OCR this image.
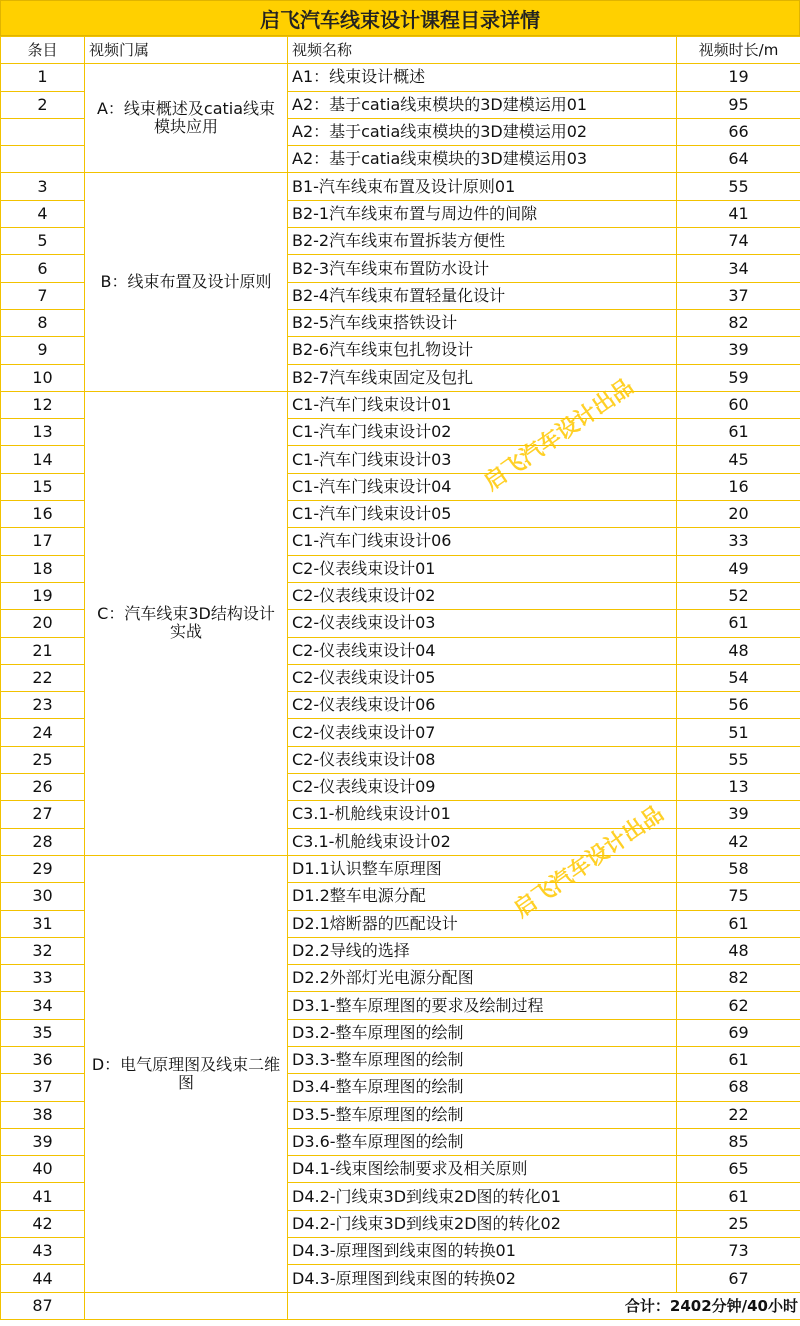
启飞汽车线束设计课程目录详情
条目	视频门属	视频名称	视频时长/m
1	A：线束概述及catia线束模块应用	A1：线束设计概述	19
2		A2：基于catia线束模块的3D建模运用01	95
		A2：基于catia线束模块的3D建模运用02	66
		A2：基于catia线束模块的3D建模运用03	64
3	B：线束布置及设计原则	B1-汽车线束布置及设计原则01	55
4		B2-1汽车线束布置与周边件的间隙	41
5		B2-2汽车线束布置拆装方便性	74
6		B2-3汽车线束布置防水设计	34
7		B2-4汽车线束布置轻量化设计	37
8		B2-5汽车线束搭铁设计	82
9		B2-6汽车线束包扎物设计	39
10		B2-7汽车线束固定及包扎	59
12	C：汽车线束3D结构设计实战	C1-汽车门线束设计01	60
13		C1-汽车门线束设计02	61
14		C1-汽车门线束设计03	45
15		C1-汽车门线束设计04	16
16		C1-汽车门线束设计05	20
17		C1-汽车门线束设计06	33
18		C2-仪表线束设计01	49
19		C2-仪表线束设计02	52
20		C2-仪表线束设计03	61
21		C2-仪表线束设计04	48
22		C2-仪表线束设计05	54
23		C2-仪表线束设计06	56
24		C2-仪表线束设计07	51
25		C2-仪表线束设计08	55
26		C2-仪表线束设计09	13
27		C3.1-机舱线束设计01	39
28		C3.1-机舱线束设计02	42
29	D：电气原理图及线束二维图	D1.1认识整车原理图	58
30		D1.2整车电源分配	75
31		D2.1熔断器的匹配设计	61
32		D2.2导线的选择	48
33		D2.2外部灯光电源分配图	82
34		D3.1-整车原理图的要求及绘制过程	62
35		D3.2-整车原理图的绘制	69
36		D3.3-整车原理图的绘制	61
37		D3.4-整车原理图的绘制	68
38		D3.5-整车原理图的绘制	22
39		D3.6-整车原理图的绘制	85
40		D4.1-线束图绘制要求及相关原则	65
41		D4.2-门线束3D到线束2D图的转化01	61
42		D4.2-门线束3D到线束2D图的转化02	25
43		D4.3-原理图到线束图的转换01	73
44		D4.3-原理图到线束图的转换02	67
87		合计：2402分钟/40小时	
启飞汽车设计出品
启飞汽车设计出品
